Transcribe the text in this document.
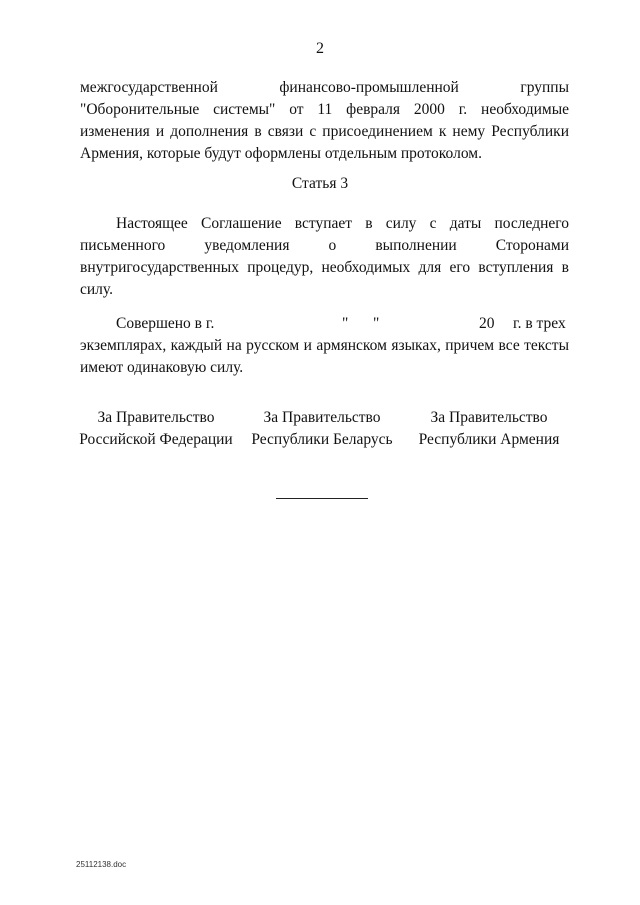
2

межгосударственной финансово-промышленной группы "Оборонительные системы" от 11 февраля 2000 г. необходимые изменения и дополнения в связи с присоединением к нему Республики Армения, которые будут оформлены отдельным протоколом.

Статья 3

Настоящее Соглашение вступает в силу с даты последнего письменного уведомления о выполнении Сторонами внутригосударственных процедур, необходимых для его вступления в силу.

Совершено в г.	" "	20 г. в трех

экземплярах, каждый на русском и армянском языках, причем все тексты имеют одинаковую силу.

За Правительство
Российской Федерации
За Правительство
Республики Беларусь
За Правительство
Республики Армения
25112138.doc
